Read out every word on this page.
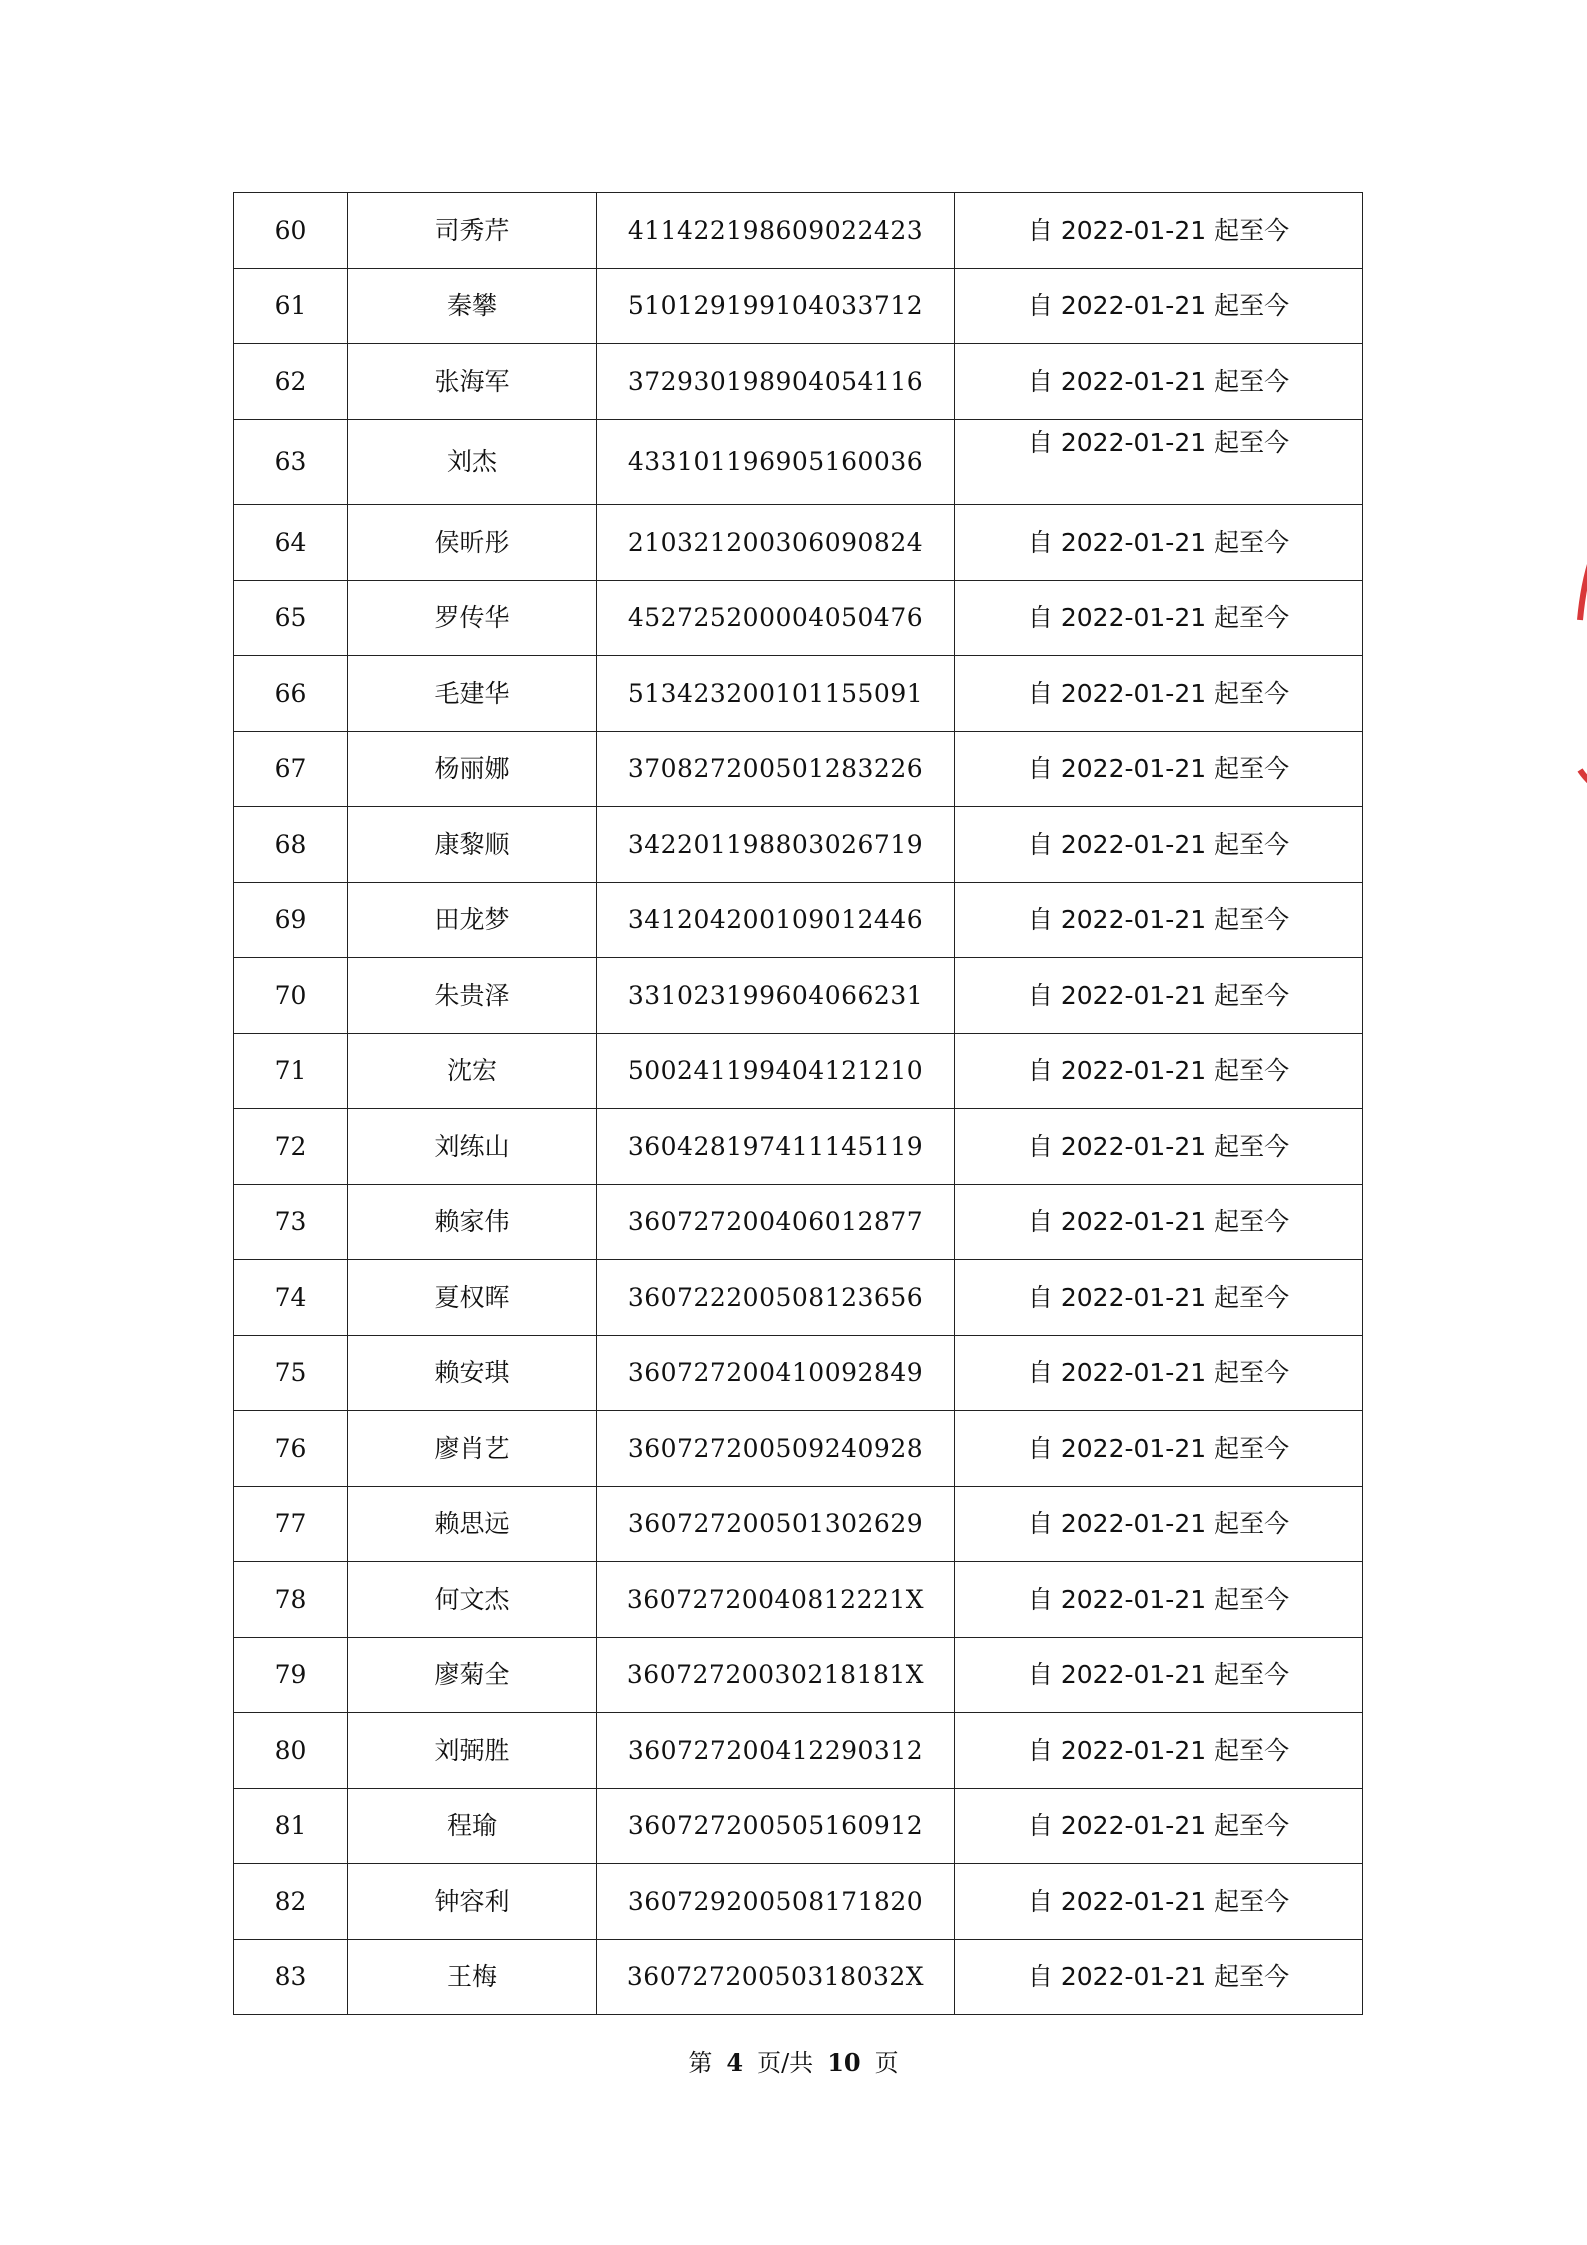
60	司秀芹	411422198609022423	自 2022-01-21 起至今
61	秦攀	510129199104033712	自 2022-01-21 起至今
62	张海军	372930198904054116	自 2022-01-21 起至今
63	刘杰	433101196905160036	自 2022-01-21 起至今
64	侯昕彤	210321200306090824	自 2022-01-21 起至今
65	罗传华	452725200004050476	自 2022-01-21 起至今
66	毛建华	513423200101155091	自 2022-01-21 起至今
67	杨丽娜	370827200501283226	自 2022-01-21 起至今
68	康黎顺	342201198803026719	自 2022-01-21 起至今
69	田龙梦	341204200109012446	自 2022-01-21 起至今
70	朱贵泽	331023199604066231	自 2022-01-21 起至今
71	沈宏	500241199404121210	自 2022-01-21 起至今
72	刘练山	360428197411145119	自 2022-01-21 起至今
73	赖家伟	360727200406012877	自 2022-01-21 起至今
74	夏权晖	360722200508123656	自 2022-01-21 起至今
75	赖安琪	360727200410092849	自 2022-01-21 起至今
76	廖肖艺	360727200509240928	自 2022-01-21 起至今
77	赖思远	360727200501302629	自 2022-01-21 起至今
78	何文杰	36072720040812221X	自 2022-01-21 起至今
79	廖菊全	36072720030218181X	自 2022-01-21 起至今
80	刘弼胜	360727200412290312	自 2022-01-21 起至今
81	程瑜	360727200505160912	自 2022-01-21 起至今
82	钟容利	360729200508171820	自 2022-01-21 起至今
83	王梅	36072720050318032X	自 2022-01-21 起至今
第 4 页/共 10 页
